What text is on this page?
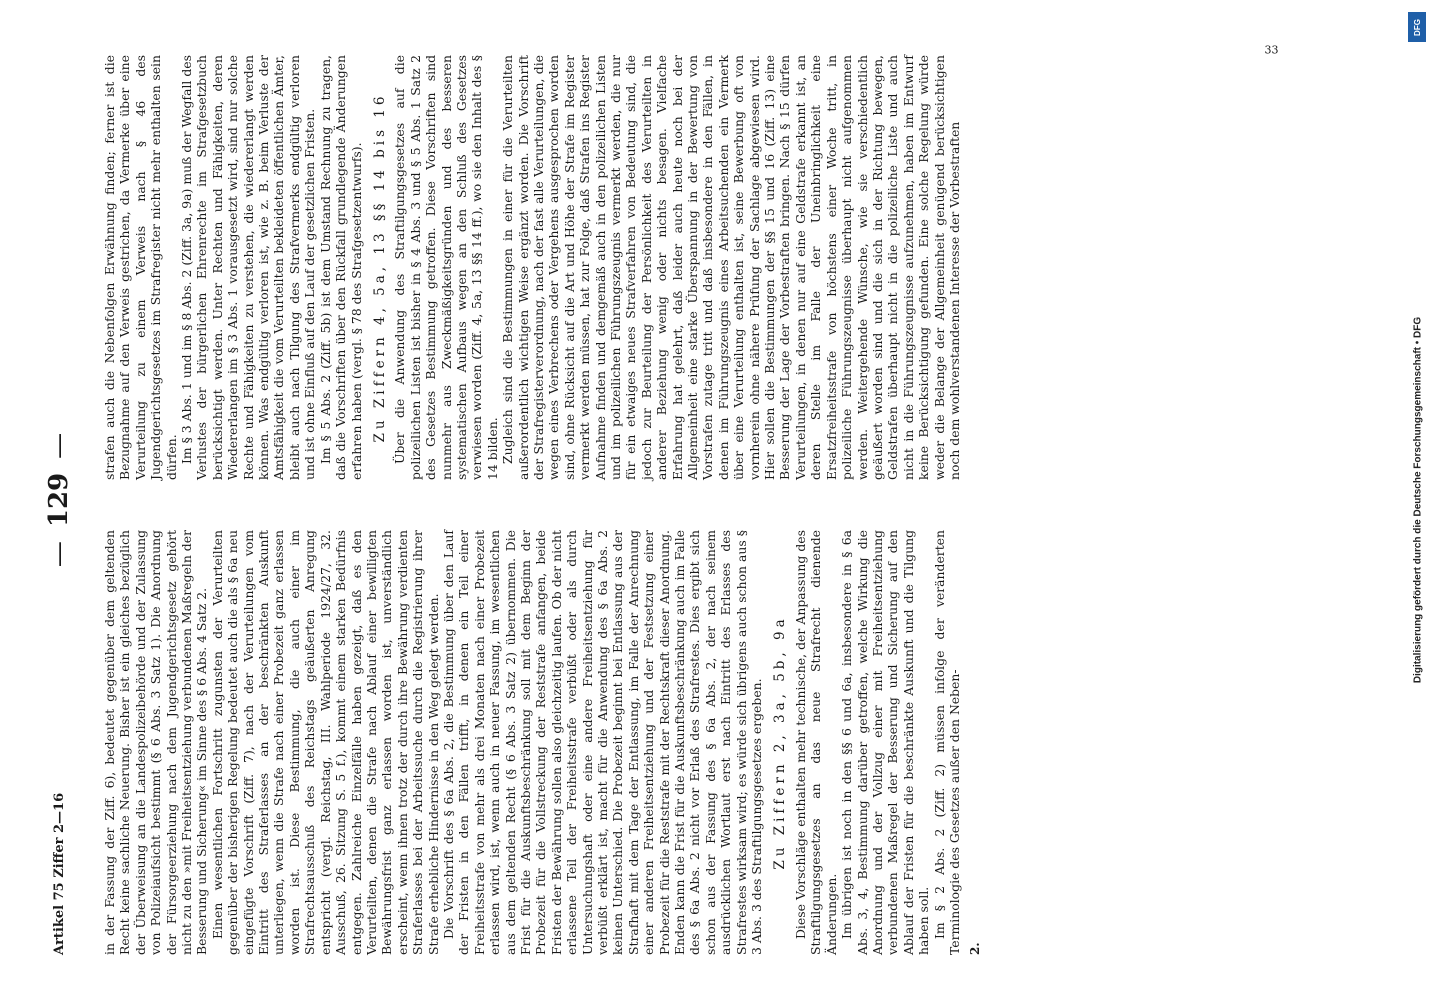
—129—
Artikel 75 Ziffer 2—16	in der Fassung der Ziff. 6), bedeutet gegenüber dem geltenden Recht keine sachliche Neuerung. Bisher ist ein gleiches bezüglich der Überweisung an die Landespolizeibehörde und der Zulassung von Polizeiaufsicht bestimmt (§ 6 Abs. 3 Satz 1). Die Anordnung der Fürsorgeerziehung nach dem Jugendgerichtsgesetz gehört nicht zu den »mit Freiheitsentziehung verbundenen Maßregeln der Besserung und Sicherung« im Sinne des § 6 Abs. 4 Satz 2. Einen wesentlichen Fortschritt zugunsten der Verurteilten gegenüber der bisherigen Regelung bedeutet auch die als § 6a neu eingefügte Vorschrift (Ziff. 7), nach der Verurteilungen vom Eintritt des Straferlasses an der beschränkten Auskunft unterliegen, wenn die Strafe nach einer Probezeit ganz erlassen worden ist. Diese Bestimmung, die auch einer im Strafrechtsausschuß des Reichstags geäußerten Anregung entspricht (vergl. Reichstag, III. Wahlperiode 1924/27, 32. Ausschuß, 26. Sitzung S. 5 f.), kommt einem starken Bedürfnis entgegen. Zahlreiche Einzelfälle haben gezeigt, daß es den Verurteilten, denen die Strafe nach Ablauf einer bewilligten Bewährungsfrist ganz erlassen worden ist, unverständlich erscheint, wenn ihnen trotz der durch ihre Bewährung verdienten Straferlasses bei der Arbeitssuche durch die Registrierung ihrer Strafe erhebliche Hindernisse in den Weg gelegt werden. Die Vorschrift des § 6a Abs. 2, die Bestimmung über den Lauf der Fristen in den Fällen trifft, in denen ein Teil einer Freiheitsstrafe von mehr als drei Monaten nach einer Probezeit erlassen wird, ist, wenn auch in neuer Fassung, im wesentlichen aus dem geltenden Recht (§ 6 Abs. 3 Satz 2) übernommen. Die Frist für die Auskunftsbeschränkung soll mit dem Beginn der Probezeit für die Vollstreckung der Reststrafe anfangen, beide Fristen der Bewährung sollen also gleichzeitig laufen. Ob der nicht erlassene Teil der Freiheitsstrafe verbüßt oder als durch Untersuchungshaft oder eine andere Freiheitsentziehung für verbüßt erklärt ist, macht für die Anwendung des § 6a Abs. 2 keinen Unterschied. Die Probezeit beginnt bei Entlassung aus der Strafhaft mit dem Tage der Entlassung, im Falle der Anrechnung einer anderen Freiheitsentziehung und der Festsetzung einer Probezeit für die Reststrafe mit der Rechtskraft dieser Anordnung. Enden kann die Frist für die Auskunftsbeschränkung auch im Falle des § 6a Abs. 2 nicht vor Erlaß des Strafrestes. Dies ergibt sich schon aus der Fassung des § 6a Abs. 2, der nach seinem ausdrücklichen Wortlaut erst nach Eintritt des Erlasses des Strafrestes wirksam wird; es würde sich übrigens auch schon aus § 3 Abs. 3 des Straftilgungsgesetzes ergeben. Zu Ziffern 2, 3a, 5b, 9a Diese Vorschläge enthalten mehr technische, der Anpassung des Straftilgungsgesetzes an das neue Strafrecht dienende Änderungen. Im übrigen ist noch in den §§ 6 und 6a, insbesondere in § 6a Abs. 3, 4, Bestimmung darüber getroffen, welche Wirkung die Anordnung und der Vollzug einer mit Freiheitsentziehung verbundenen Maßregel der Besserung und Sicherung auf den Ablauf der Fristen für die beschränkte Auskunft und die Tilgung haben soll. Im § 2 Abs. 2 (Ziff. 2) müssen infolge der veränderten Terminologie des Gesetzes außer den Neben- 2.

strafen auch die Nebenfolgen Erwähnung finden; ferner ist die Bezugnahme auf den Verweis gestrichen, da Vermerke über eine Verurteilung zu einem Verweis nach § 46 des Jugendgerichtsgesetzes im Strafregister nicht mehr enthalten sein dürfen. Im § 3 Abs. 1 und im § 8 Abs. 2 (Ziff. 3a, 9a) muß der Wegfall des Verlustes der bürgerlichen Ehrenrechte im Strafgesetzbuch berücksichtigt werden. Unter Rechten und Fähigkeiten, deren Wiedererlangen im § 3 Abs. 1 vorausgesetzt wird, sind nur solche Rechte und Fähigkeiten zu verstehen, die wiedererlangt werden können. Was endgültig verloren ist, wie z. B. beim Verluste der Amtsfähigkeit die vom Verurteilten bekleideten öffentlichen Ämter, bleibt auch nach Tilgung des Strafvermerks endgültig verloren und ist ohne Einfluß auf den Lauf der gesetzlichen Fristen. Im § 5 Abs. 2 (Ziff. 5b) ist dem Umstand Rechnung zu tragen, daß die Vorschriften über den Rückfall grundlegende Änderungen erfahren haben (vergl. § 78 des Strafgesetzentwurfs). Zu Ziffern 4, 5a, 13 §§ 14 bis 16 Über die Anwendung des Straftilgungsgesetzes auf die polizeilichen Listen ist bisher in § 4 Abs. 3 und § 5 Abs. 1 Satz 2 des Gesetzes Bestimmung getroffen. Diese Vorschriften sind nunmehr aus Zweckmäßigkeitsgründen und des besseren systematischen Aufbaus wegen an den Schluß des Gesetzes verwiesen worden (Ziff. 4, 5a, 13 §§ 14 ff.), wo sie den Inhalt des § 14 bilden. Zugleich sind die Bestimmungen in einer für die Verurteilten außerordentlich wichtigen Weise ergänzt worden. Die Vorschrift der Strafregisterverordnung, nach der fast alle Verurteilungen, die wegen eines Verbrechens oder Vergehens ausgesprochen worden sind, ohne Rücksicht auf die Art und Höhe der Strafe im Register vermerkt werden müssen, hat zur Folge, daß Strafen ins Register Aufnahme finden und demgemäß auch in den polizeilichen Listen und im polizeilichen Führungszeugnis vermerkt werden, die nur für ein etwaiges neues Strafverfahren von Bedeutung sind, die jedoch zur Beurteilung der Persönlichkeit des Verurteilten in anderer Beziehung wenig oder nichts besagen. Vielfache Erfahrung hat gelehrt, daß leider auch heute noch bei der Allgemeinheit eine starke Überspannung in der Bewertung von Vorstrafen zutage tritt und daß insbesondere in den Fällen, in denen im Führungszeugnis eines Arbeitsuchenden ein Vermerk über eine Verurteilung enthalten ist, seine Bewerbung oft von vornherein ohne nähere Prüfung der Sachlage abgewiesen wird. Hier sollen die Bestimmungen der §§ 15 und 16 (Ziff. 13) eine Besserung der Lage der Vorbestraften bringen. Nach § 15 dürfen Verurteilungen, in denen nur auf eine Geldstrafe erkannt ist, an deren Stelle im Falle der Uneinbringlichkeit eine Ersatzfreiheitsstrafe von höchstens einer Woche tritt, in polizeiliche Führungszeugnisse überhaupt nicht aufgenommen werden. Weitergehende Wünsche, wie sie verschiedentlich geäußert worden sind und die sich in der Richtung bewegen, Geldstrafen überhaupt nicht in die polizeiliche Liste und auch nicht in die Führungszeugnisse aufzunehmen, haben im Entwurf keine Berücksichtigung gefunden. Eine solche Regelung würde weder die Belange der Allgemeinheit genügend berücksichtigen noch dem wohlverstandenen Interesse der Vorbestraften

33
DFG
Digitalisierung gefördert durch die Deutsche Forschungsgemeinschaft • DFG
